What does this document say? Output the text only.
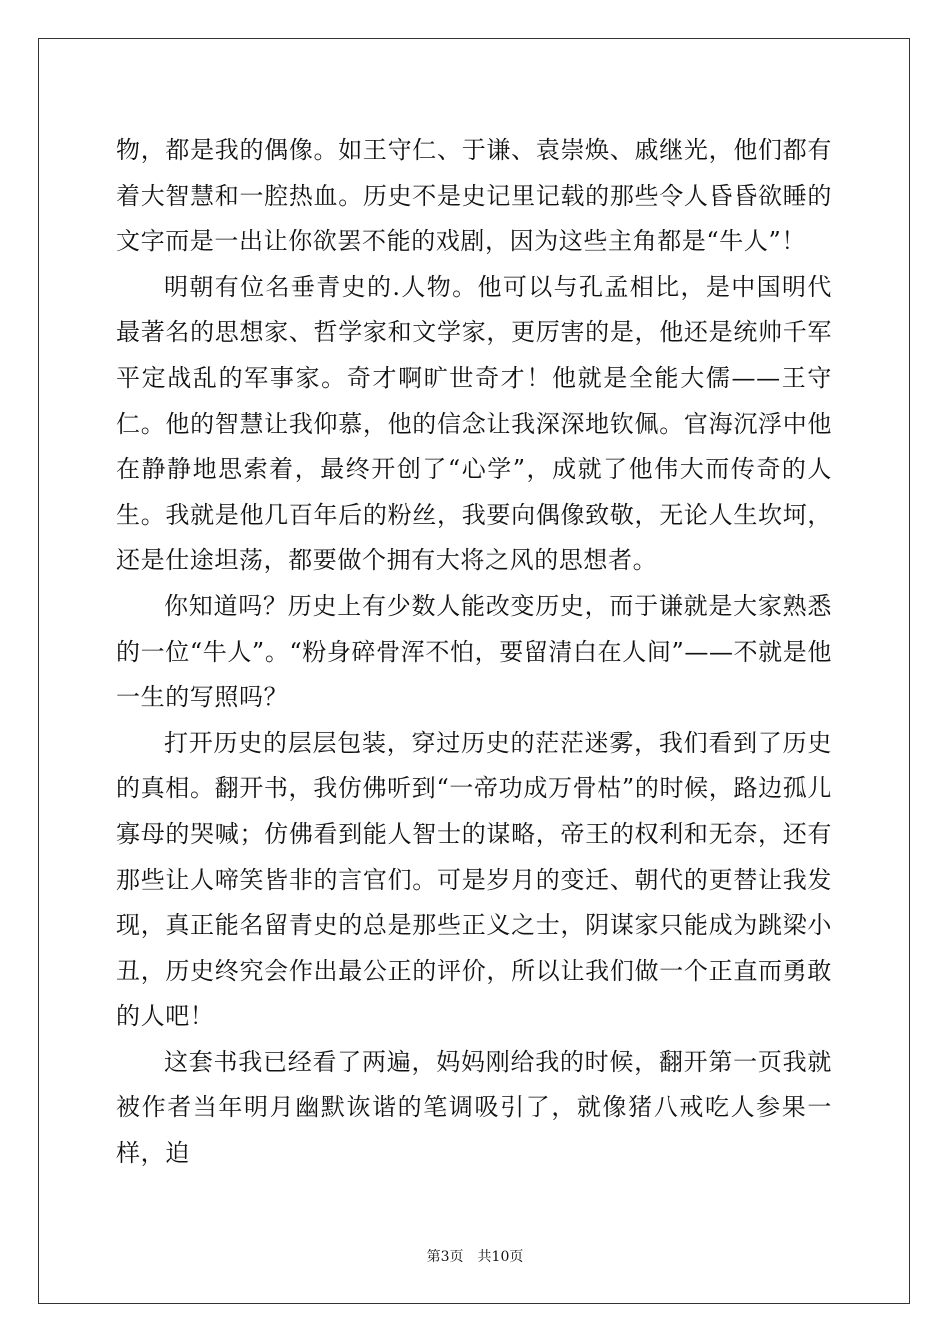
物，都是我的偶像。如王守仁、于谦、袁崇焕、戚继光，他们都有着大智慧和一腔热血。历史不是史记里记载的那些令人昏昏欲睡的文字而是一出让你欲罢不能的戏剧，因为这些主角都是“牛人”！

明朝有位名垂青史的.人物。他可以与孔孟相比，是中国明代最著名的思想家、哲学家和文学家，更厉害的是，他还是统帅千军平定战乱的军事家。奇才啊旷世奇才！他就是全能大儒——王守仁。他的智慧让我仰慕，他的信念让我深深地钦佩。官海沉浮中他在静静地思索着，最终开创了“心学”，成就了他伟大而传奇的人生。我就是他几百年后的粉丝，我要向偶像致敬，无论人生坎坷，还是仕途坦荡，都要做个拥有大将之风的思想者。

你知道吗？历史上有少数人能改变历史，而于谦就是大家熟悉的一位“牛人”。“粉身碎骨浑不怕，要留清白在人间”——不就是他一生的写照吗？

打开历史的层层包装，穿过历史的茫茫迷雾，我们看到了历史的真相。翻开书，我仿佛听到“一帝功成万骨枯”的时候，路边孤儿寡母的哭喊；仿佛看到能人智士的谋略，帝王的权利和无奈，还有那些让人啼笑皆非的言官们。可是岁月的变迁、朝代的更替让我发现，真正能名留青史的总是那些正义之士，阴谋家只能成为跳梁小丑，历史终究会作出最公正的评价，所以让我们做一个正直而勇敢的人吧！

这套书我已经看了两遍，妈妈刚给我的时候，翻开第一页我就被作者当年明月幽默诙谐的笔调吸引了，就像猪八戒吃人参果一样，迫

第3页 共10页
